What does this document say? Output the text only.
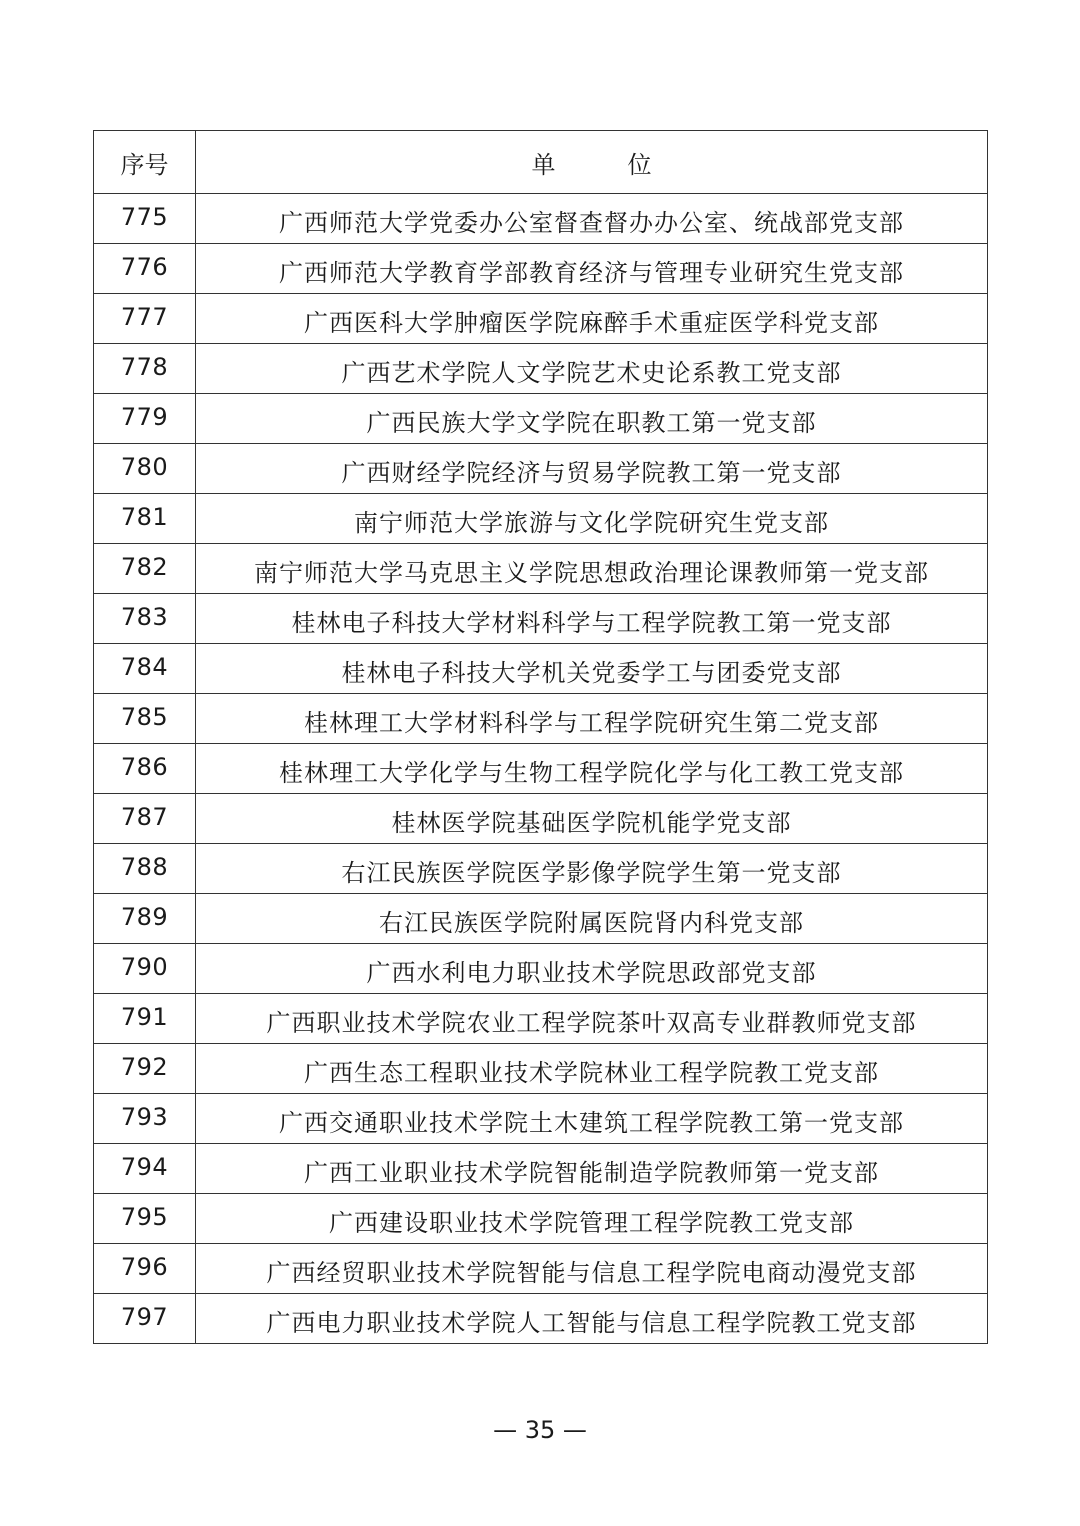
序号	单　位
775	广西师范大学党委办公室督查督办办公室、统战部党支部
776	广西师范大学教育学部教育经济与管理专业研究生党支部
777	广西医科大学肿瘤医学院麻醉手术重症医学科党支部
778	广西艺术学院人文学院艺术史论系教工党支部
779	广西民族大学文学院在职教工第一党支部
780	广西财经学院经济与贸易学院教工第一党支部
781	南宁师范大学旅游与文化学院研究生党支部
782	南宁师范大学马克思主义学院思想政治理论课教师第一党支部
783	桂林电子科技大学材料科学与工程学院教工第一党支部
784	桂林电子科技大学机关党委学工与团委党支部
785	桂林理工大学材料科学与工程学院研究生第二党支部
786	桂林理工大学化学与生物工程学院化学与化工教工党支部
787	桂林医学院基础医学院机能学党支部
788	右江民族医学院医学影像学院学生第一党支部
789	右江民族医学院附属医院肾内科党支部
790	广西水利电力职业技术学院思政部党支部
791	广西职业技术学院农业工程学院茶叶双高专业群教师党支部
792	广西生态工程职业技术学院林业工程学院教工党支部
793	广西交通职业技术学院土木建筑工程学院教工第一党支部
794	广西工业职业技术学院智能制造学院教师第一党支部
795	广西建设职业技术学院管理工程学院教工党支部
796	广西经贸职业技术学院智能与信息工程学院电商动漫党支部
797	广西电力职业技术学院人工智能与信息工程学院教工党支部
— 35 —
